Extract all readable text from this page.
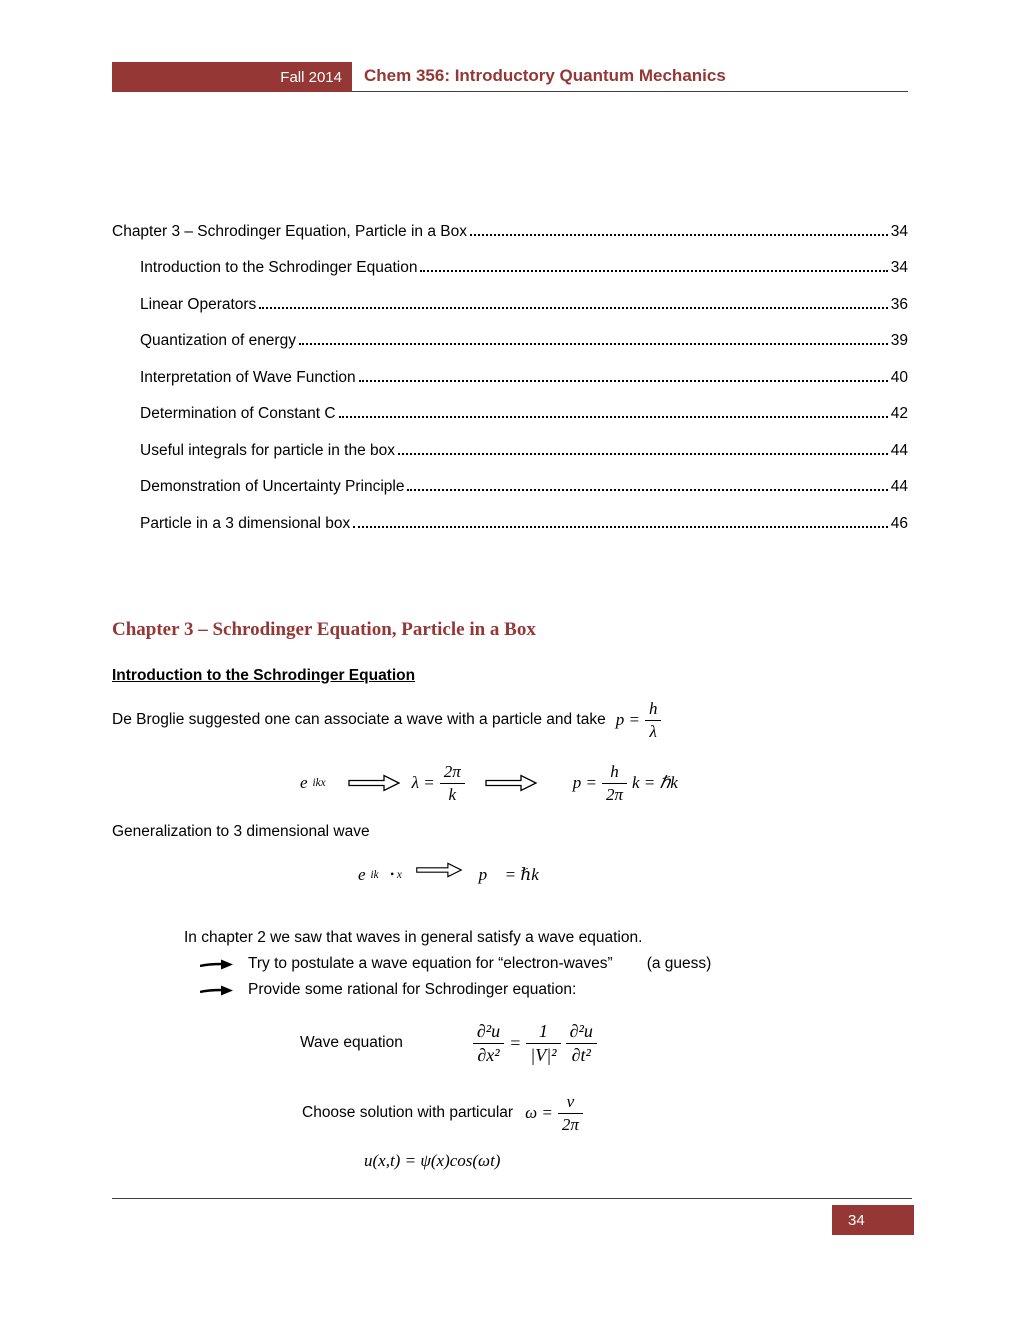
Fall 2014 Chem 356: Introductory Quantum Mechanics
Chapter 3 – Schrodinger Equation, Particle in a Box	34
Introduction to the Schrodinger Equation	34
Linear Operators	36
Quantization of energy	39
Interpretation of Wave Function	40
Determination of Constant C	42
Useful integrals for particle in the box	44
Demonstration of Uncertainty Principle	44
Particle in a 3 dimensional box	46
Chapter 3 – Schrodinger Equation, Particle in a Box
Introduction to the Schrodinger Equation
De Broglie suggested one can associate a wave with a particle and take $p = \frac{h}{\lambda}$
e ikx	$\lambda = \frac{2\pi}{k}$	$p = \frac{h}{2\pi}$ k = ℏk
Generalization to 3 dimensional wave
e ik⃗ • x⃗	p⃗ = ℏk⃗
In chapter 2 we saw that waves in general satisfy a wave equation.
Try to postulate a wave equation for “electron-waves” (a guess)
Provide some rational for Schrodinger equation:
Wave equation	$\frac{\text{∂²u}}{\text{∂x²}} = \frac{1}{\text{|V|²}} \frac{\text{∂²u}}{\text{∂t²}}$
Choose solution with particular $\omega = \frac{v}{2\pi}$
u(x,t) = ψ(x)cos(ωt)
34
